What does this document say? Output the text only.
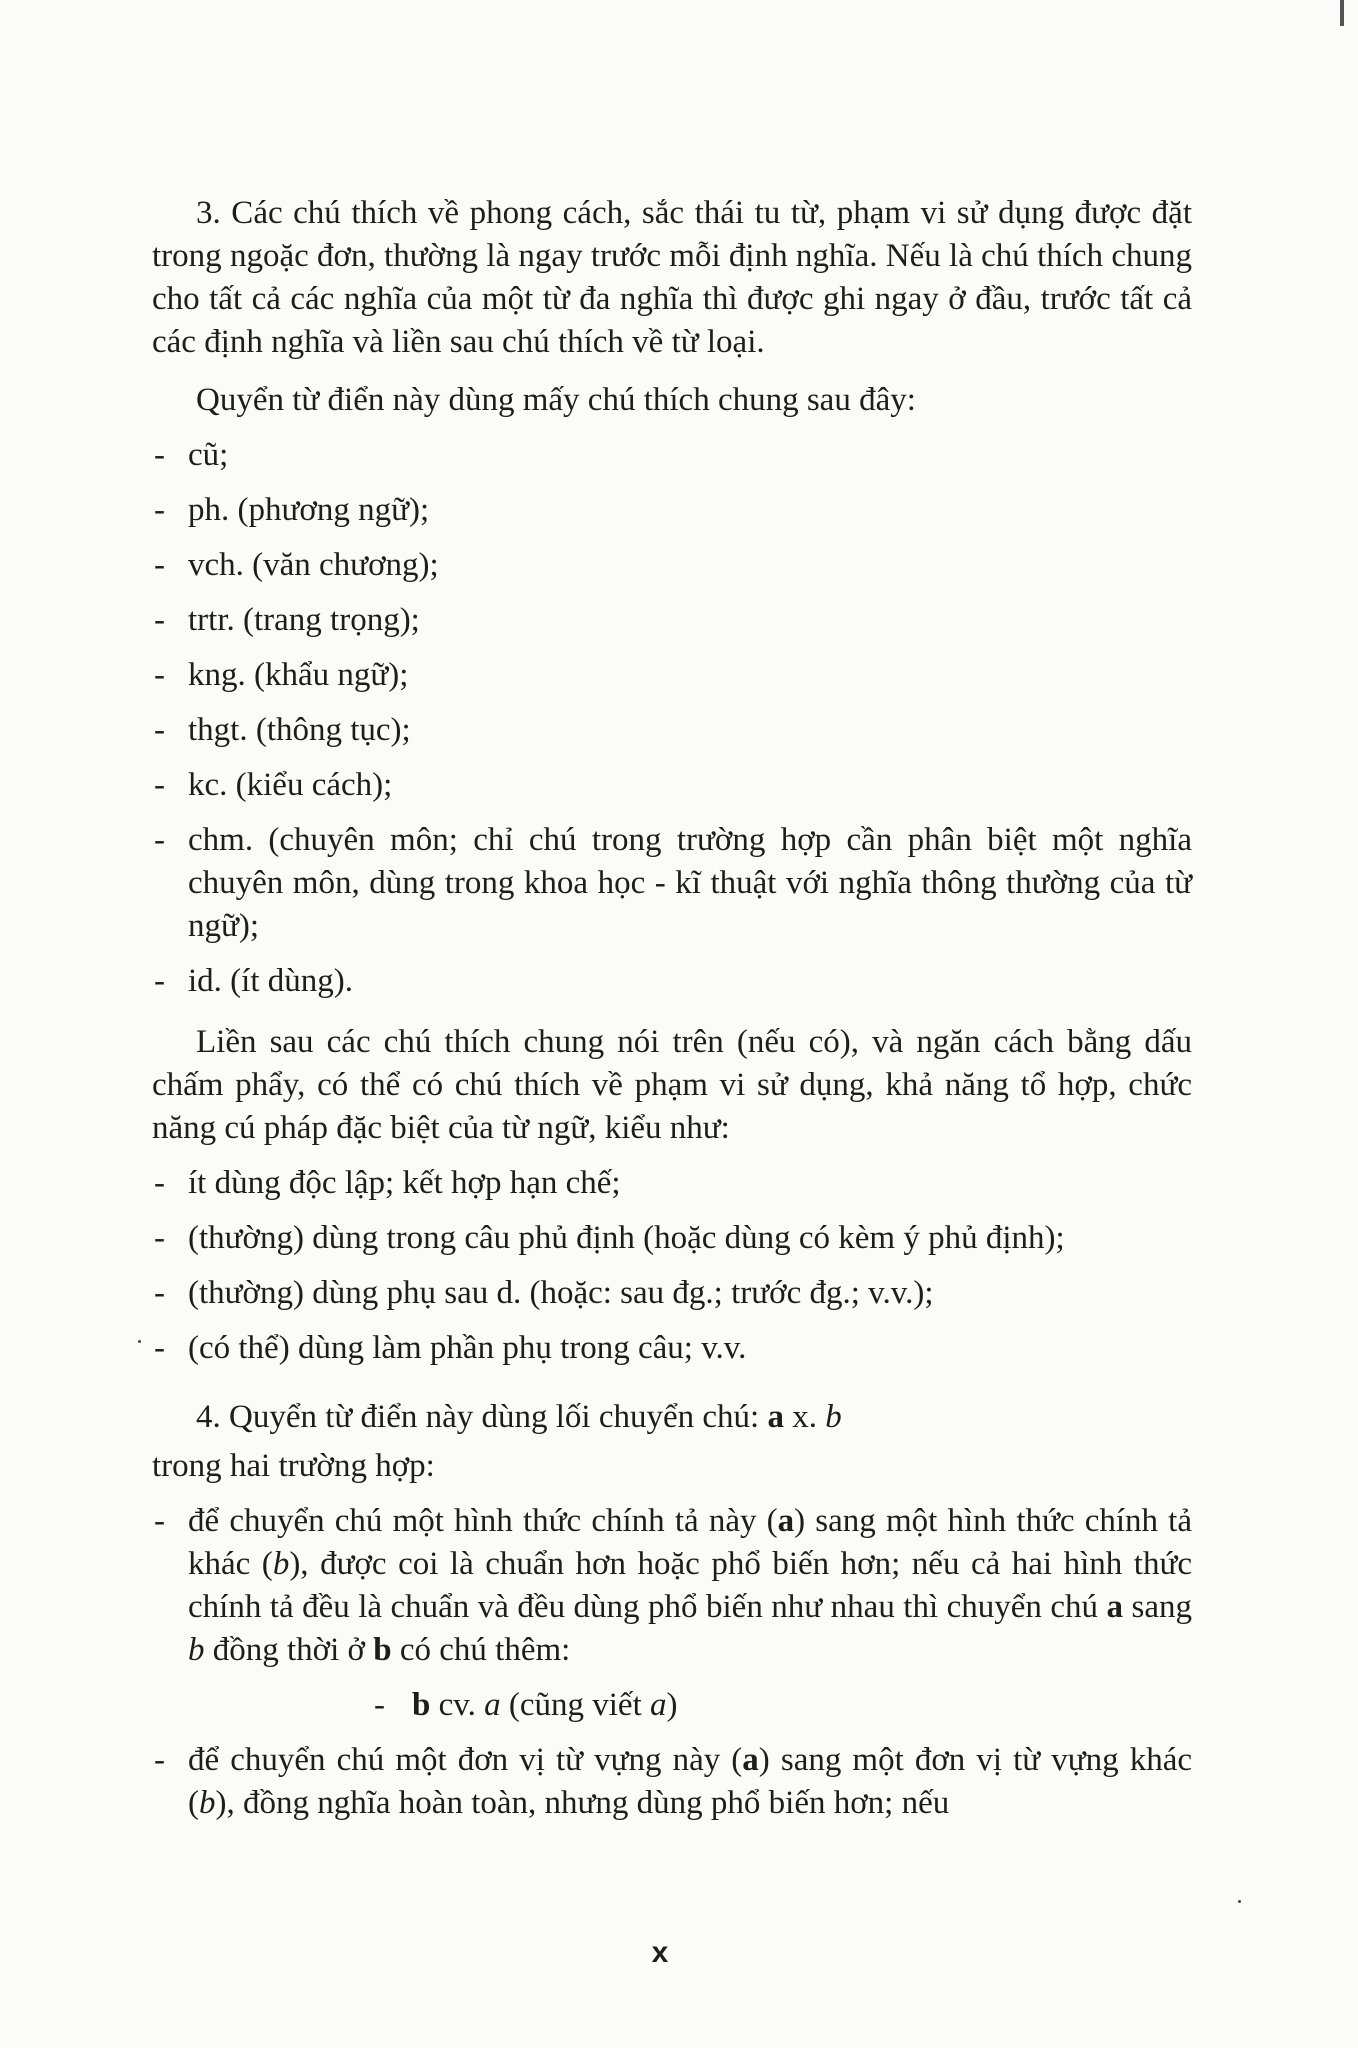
3. Các chú thích về phong cách, sắc thái tu từ, phạm vi sử dụng được đặt trong ngoặc đơn, thường là ngay trước mỗi định nghĩa. Nếu là chú thích chung cho tất cả các nghĩa của một từ đa nghĩa thì được ghi ngay ở đầu, trước tất cả các định nghĩa và liền sau chú thích về từ loại.

Quyển từ điển này dùng mấy chú thích chung sau đây:

- cũ;
- ph. (phương ngữ);
- vch. (văn chương);
- trtr. (trang trọng);
- kng. (khẩu ngữ);
- thgt. (thông tục);
- kc. (kiểu cách);
- chm. (chuyên môn; chỉ chú trong trường hợp cần phân biệt một nghĩa chuyên môn, dùng trong khoa học - kĩ thuật với nghĩa thông thường của từ ngữ);
- id. (ít dùng).

Liền sau các chú thích chung nói trên (nếu có), và ngăn cách bằng dấu chấm phẩy, có thể có chú thích về phạm vi sử dụng, khả năng tổ hợp, chức năng cú pháp đặc biệt của từ ngữ, kiểu như:

- ít dùng độc lập; kết hợp hạn chế;
- (thường) dùng trong câu phủ định (hoặc dùng có kèm ý phủ định);
- (thường) dùng phụ sau d. (hoặc: sau đg.; trước đg.; v.v.);
- (có thể) dùng làm phần phụ trong câu; v.v.

4. Quyển từ điển này dùng lối chuyển chú: a x. b

trong hai trường hợp:

- để chuyển chú một hình thức chính tả này (a) sang một hình thức chính tả khác (b), được coi là chuẩn hơn hoặc phổ biến hơn; nếu cả hai hình thức chính tả đều là chuẩn và đều dùng phổ biến như nhau thì chuyển chú a sang b đồng thời ở b có chú thêm:
- b cv. a (cũng viết a)
- để chuyển chú một đơn vị từ vựng này (a) sang một đơn vị từ vựng khác (b), đồng nghĩa hoàn toàn, nhưng dùng phổ biến hơn; nếu
x
